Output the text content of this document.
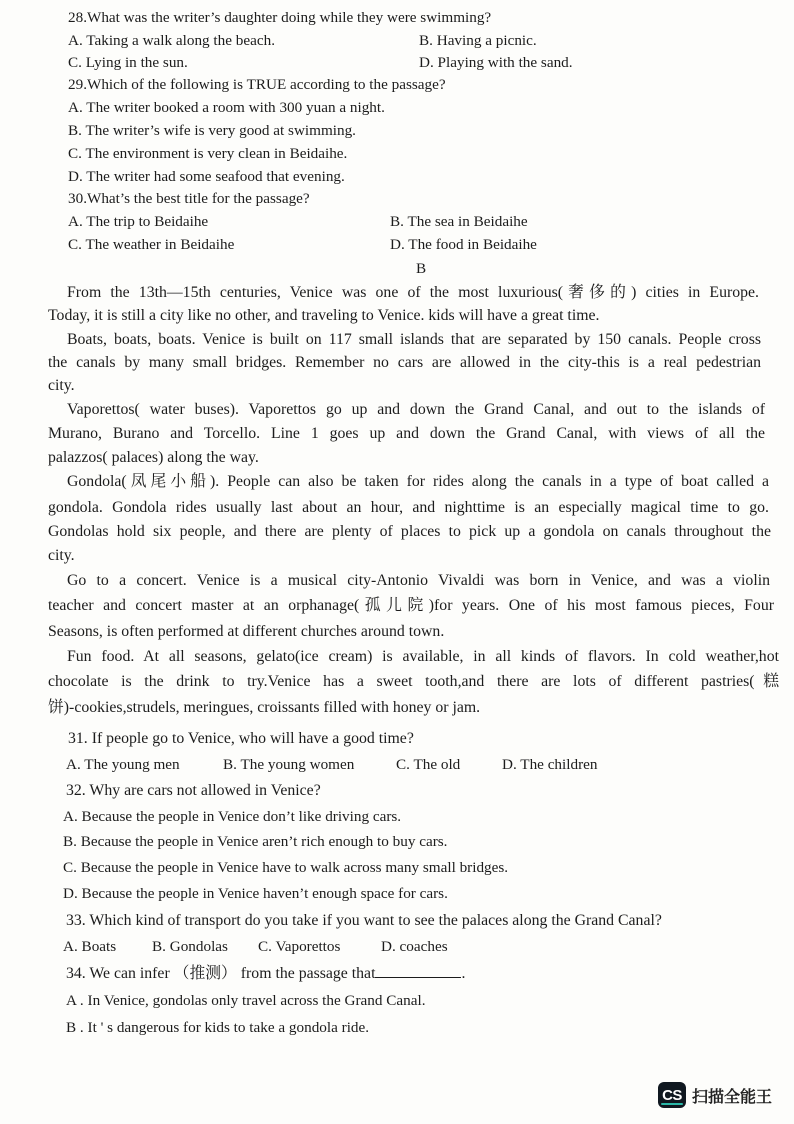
28.What was the writer’s daughter doing while they were swimming?
A. Taking a walk along the beach.	B. Having a picnic.
C. Lying in the sun.	D. Playing with the sand.
29.Which of the following is TRUE according to the passage?
A. The writer booked a room with 300 yuan a night.
B. The writer’s wife is very good at swimming.
C. The environment is very clean in Beidaihe.
D. The writer had some seafood that evening.
30.What’s the best title for the passage?
A. The trip to Beidaihe	B. The sea in Beidaihe
C. The weather in Beidaihe	D. The food in Beidaihe
B
From the 13th—15th centuries, Venice was one of the most luxurious(奢侈的) cities in Europe.
Today, it is still a city like no other, and traveling to Venice. kids will have a great time.
Boats, boats, boats. Venice is built on 117 small islands that are separated by 150 canals. People cross
the canals by many small bridges. Remember no cars are allowed in the city-this is a real pedestrian
city.
Vaporettos( water buses). Vaporettos go up and down the Grand Canal, and out to the islands of
Murano, Burano and Torcello. Line 1 goes up and down the Grand Canal, with views of all the
palazzos( palaces) along the way.
Gondola(凤尾小船). People can also be taken for rides along the canals in a type of boat called a
gondola. Gondola rides usually last about an hour, and nighttime is an especially magical time to go.
Gondolas hold six people, and there are plenty of places to pick up a gondola on canals throughout the
city.
Go to a concert. Venice is a musical city-Antonio Vivaldi was born in Venice, and was a violin
teacher and concert master at an orphanage(孤儿院)for years. One of his most famous pieces, Four
Seasons, is often performed at different churches around town.
Fun food. At all seasons, gelato(ice cream) is available, in all kinds of flavors. In cold weather,hot
chocolate is the drink to try.Venice has a sweet tooth,and there are lots of different pastries(糕
饼)-cookies,strudels, meringues, croissants filled with honey or jam.
31. If people go to Venice, who will have a good time?
A. The young men	B. The young women	C. The old	D. The children
32. Why are cars not allowed in Venice?
A. Because the people in Venice don’t like driving cars.
B. Because the people in Venice aren’t rich enough to buy cars.
C. Because the people in Venice have to walk across many small bridges.
D. Because the people in Venice haven’t enough space for cars.
33. Which kind of transport do you take if you want to see the palaces along the Grand Canal?
A. Boats B. Gondolas C. Vaporettos	D. coaches
34. We can infer （推测） from the passage that	.
A . In Venice, gondolas only travel across the Grand Canal.
B . It ' s dangerous for kids to take a gondola ride.
CS 扫描全能王
